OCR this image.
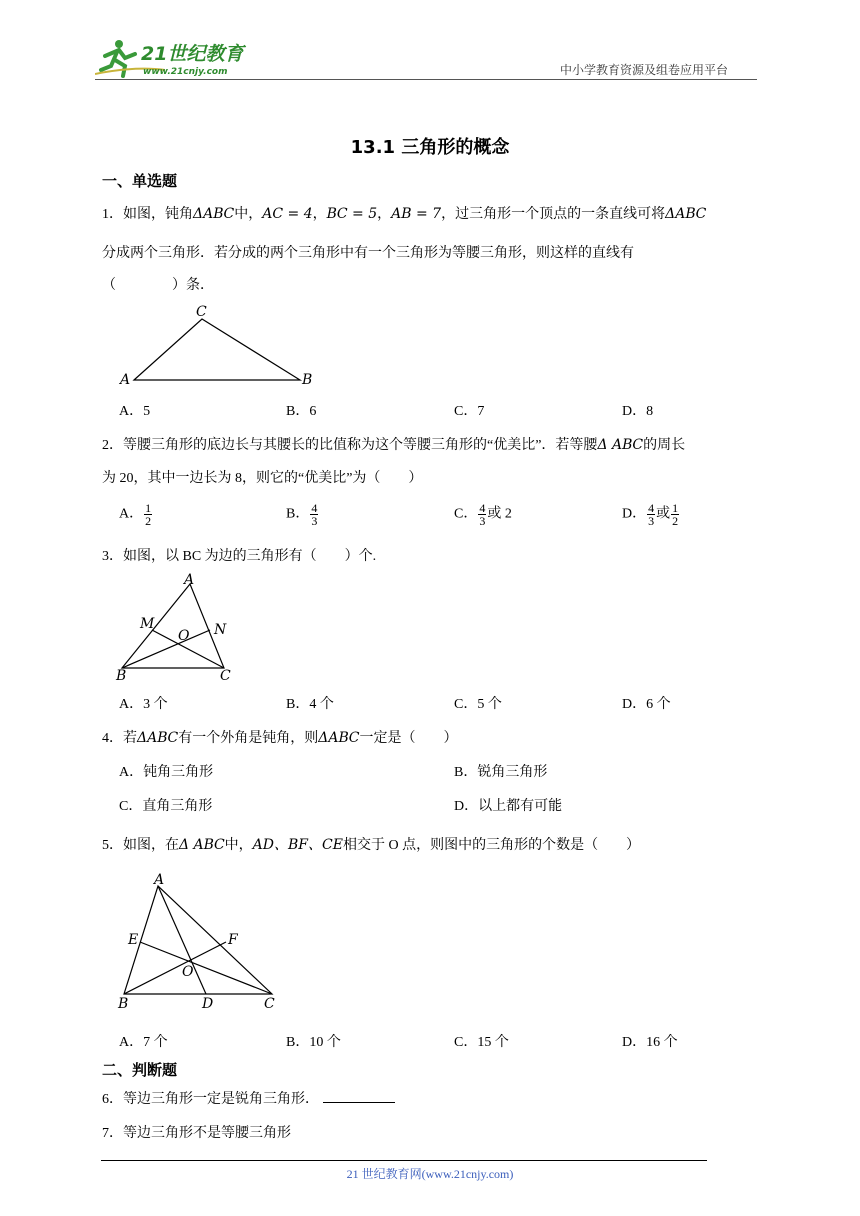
21世纪教育
www.21cnjy.com	中小学教育资源及组卷应用平台
13.1 三角形的概念
一、单选题
1．如图，钝角Δ𝐴𝐵𝐶中，𝐴𝐶 = 4，𝐵𝐶 = 5，𝐴𝐵 = 7，过三角形一个顶点的一条直线可将Δ𝐴𝐵𝐶
分成两个三角形．若分成的两个三角形中有一个三角形为等腰三角形，则这样的直线有
（　　　　）条．
C
A	B
A．5	B．6	C．7	D．8
2．等腰三角形的底边长与其腰长的比值称为这个等腰三角形的“优美比”．若等腰Δ 𝐴𝐵𝐶的周长
为 20，其中一边长为 8，则它的“优美比”为（　　）
A． $\frac{1}{2}$	B． $\frac{4}{3}$	C． $\frac{4}{3}$ 或 2	D． $\frac{4}{3}$ 或 $\frac{1}{2}$
3．如图，以 BC 为边的三角形有（　　）个.
A
M	N
O
B	C
A．3 个	B．4 个	C．5 个	D．6 个
4．若Δ𝐴𝐵𝐶有一个外角是钝角，则Δ𝐴𝐵𝐶一定是（　　）
A．钝角三角形	B．锐角三角形
C．直角三角形	D．以上都有可能
5．如图，在Δ 𝐴𝐵𝐶中，𝐴𝐷、𝐵𝐹、𝐶𝐸相交于 O 点，则图中的三角形的个数是（　　）
A
E	F
O
B	D	C
A．7 个	B．10 个	C．15 个	D．16 个
二、判断题
6．等边三角形一定是锐角三角形．
7．等边三角形不是等腰三角形
21 世纪教育网(www.21cnjy.com)
